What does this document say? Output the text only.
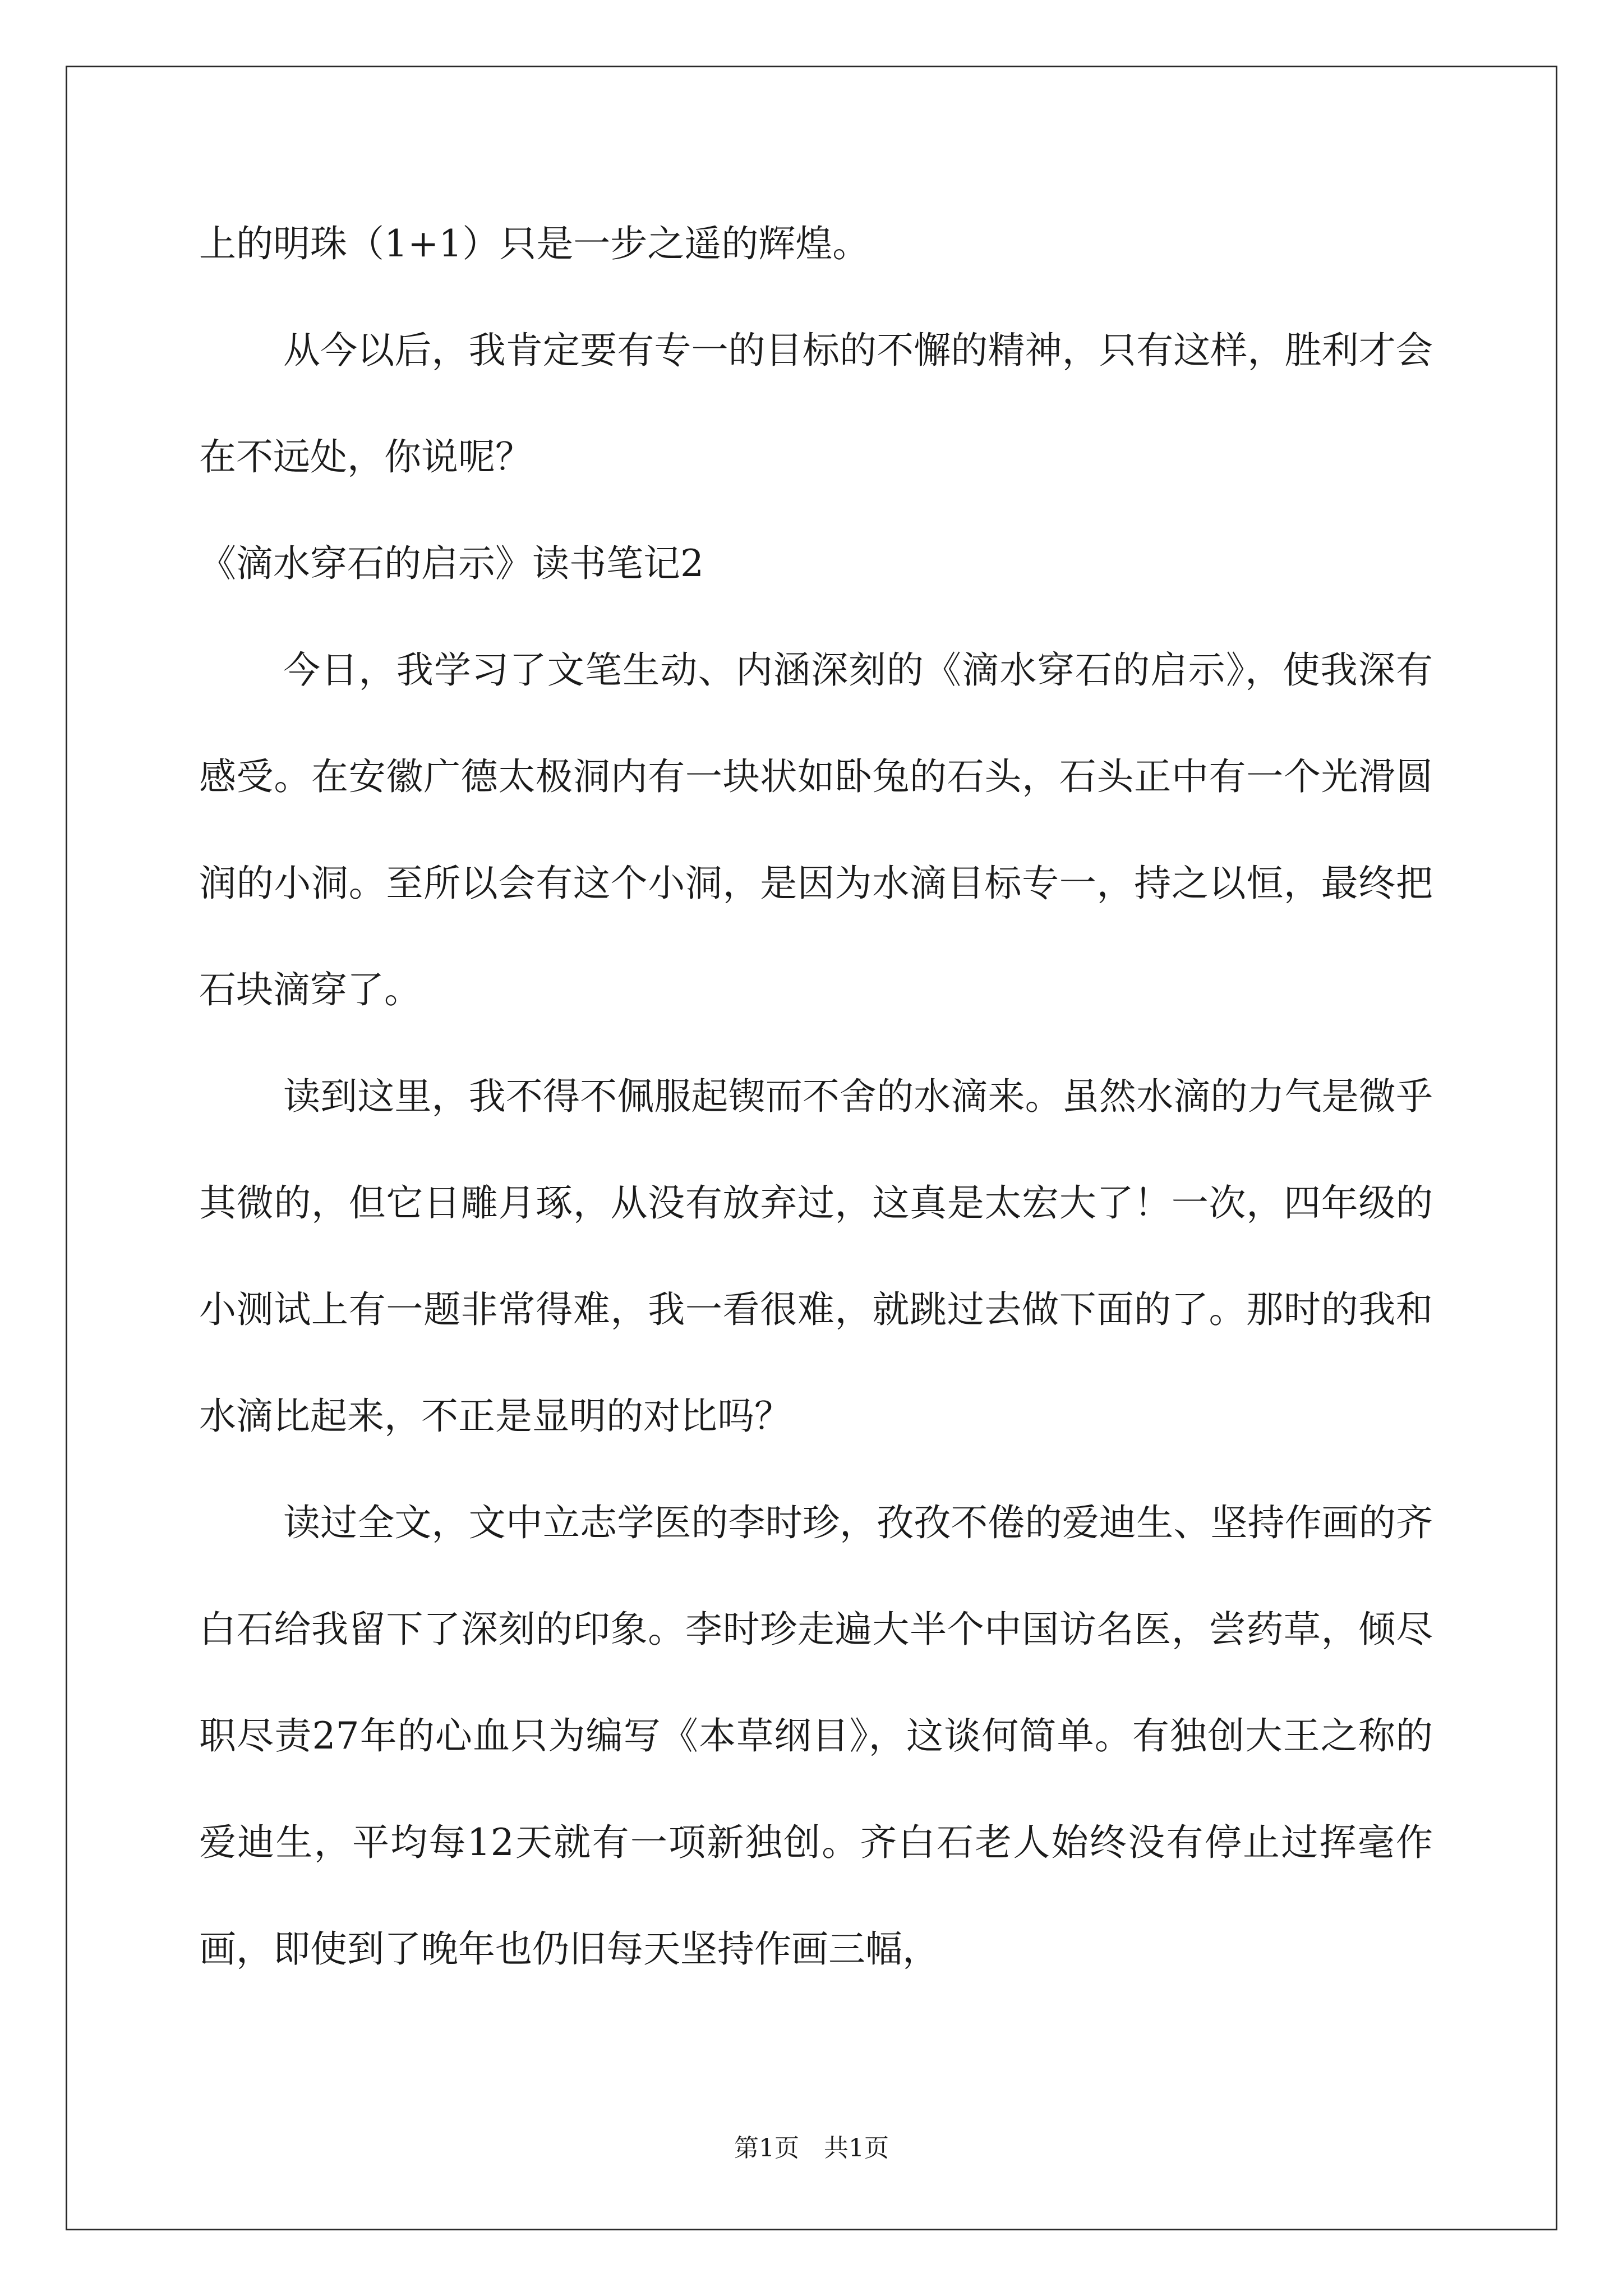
上的明珠（1+1）只是一步之遥的辉煌。

从今以后，我肯定要有专一的目标的不懈的精神，只有这样，胜利才会在不远处，你说呢？

《滴水穿石的启示》读书笔记2

今日，我学习了文笔生动、内涵深刻的《滴水穿石的启示》，使我深有感受。在安徽广德太极洞内有一块状如卧兔的石头，石头正中有一个光滑圆润的小洞。至所以会有这个小洞，是因为水滴目标专一，持之以恒，最终把石块滴穿了。

读到这里，我不得不佩服起锲而不舍的水滴来。虽然水滴的力气是微乎其微的，但它日雕月琢，从没有放弃过，这真是太宏大了！一次，四年级的小测试上有一题非常得难，我一看很难，就跳过去做下面的了。那时的我和水滴比起来，不正是显明的对比吗？

读过全文，文中立志学医的李时珍，孜孜不倦的爱迪生、坚持作画的齐白石给我留下了深刻的印象。李时珍走遍大半个中国访名医，尝药草，倾尽职尽责27年的心血只为编写《本草纲目》，这谈何简单。有独创大王之称的爱迪生，平均每12天就有一项新独创。齐白石老人始终没有停止过挥毫作画，即使到了晚年也仍旧每天坚持作画三幅，

第1页　共1页
